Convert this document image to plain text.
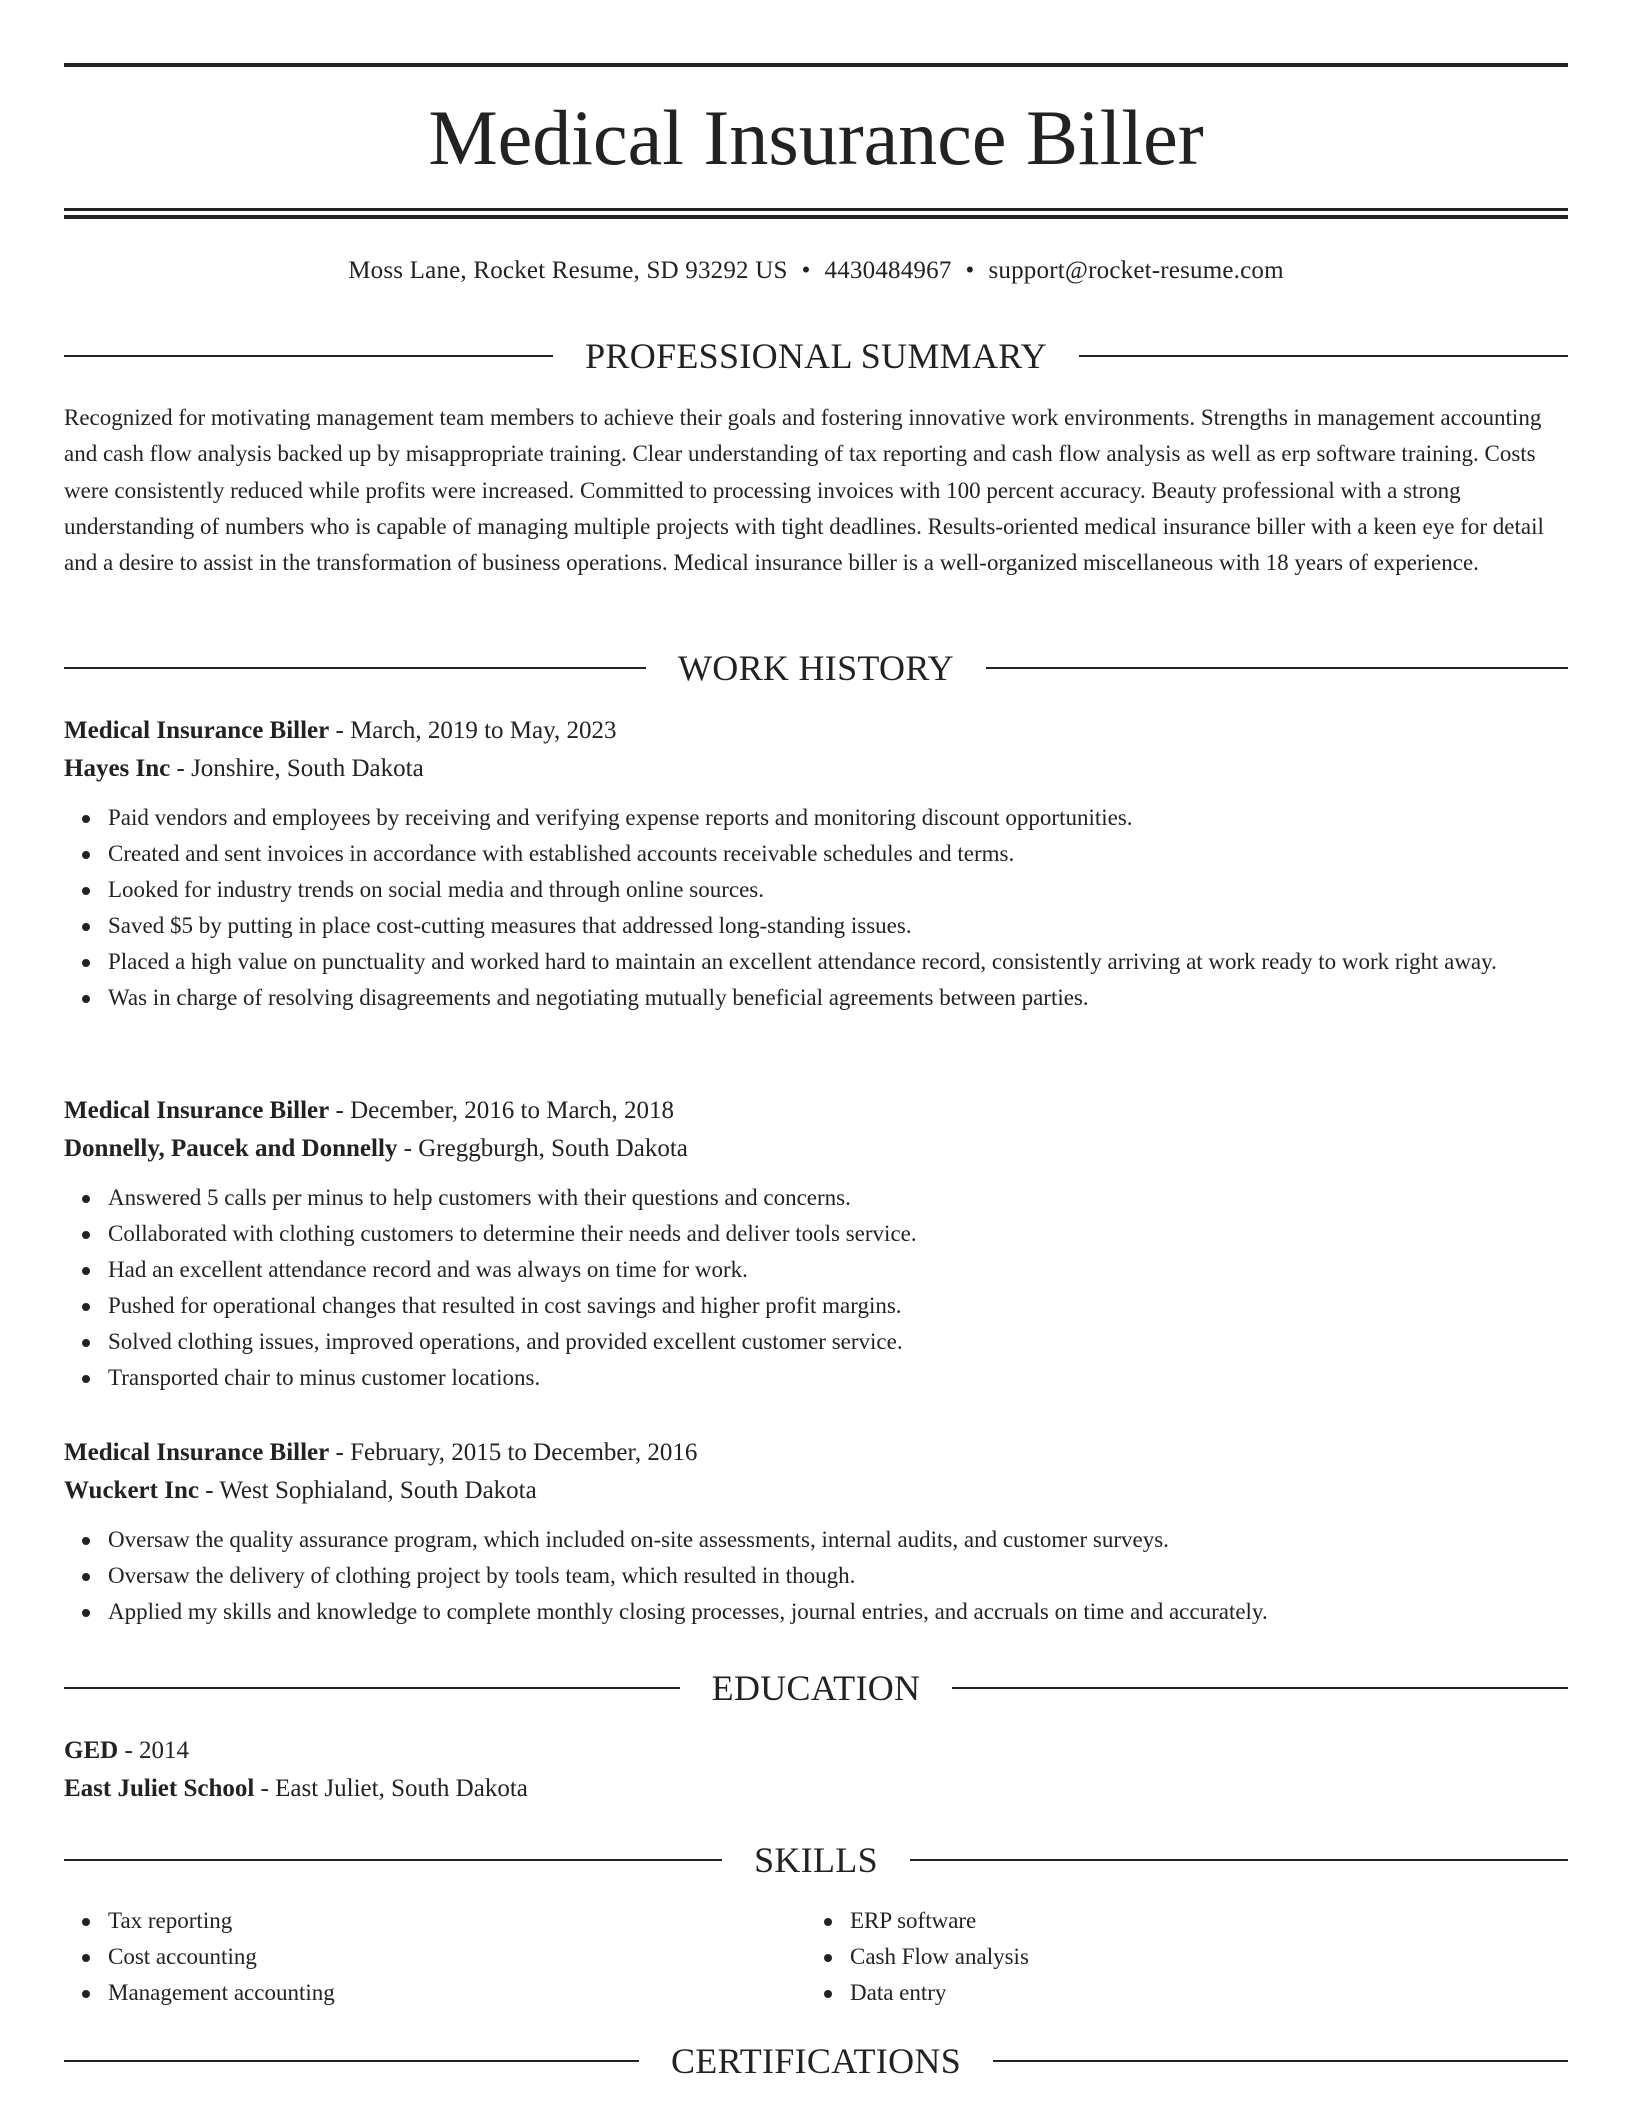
Medical Insurance Biller
Moss Lane, Rocket Resume, SD 93292 US • 4430484967 • support@rocket-resume.com
PROFESSIONAL SUMMARY

Recognized for motivating management team members to achieve their goals and fostering innovative work environments. Strengths in management accounting and cash flow analysis backed up by misappropriate training. Clear understanding of tax reporting and cash flow analysis as well as erp software training. Costs were consistently reduced while profits were increased. Committed to processing invoices with 100 percent accuracy. Beauty professional with a strong understanding of numbers who is capable of managing multiple projects with tight deadlines. Results-oriented medical insurance biller with a keen eye for detail and a desire to assist in the transformation of business operations. Medical insurance biller is a well-organized miscellaneous with 18 years of experience.

WORK HISTORY
Medical Insurance Biller - March, 2019 to May, 2023
Hayes Inc - Jonshire, South Dakota
Paid vendors and employees by receiving and verifying expense reports and monitoring discount opportunities.
Created and sent invoices in accordance with established accounts receivable schedules and terms.
Looked for industry trends on social media and through online sources.
Saved $5 by putting in place cost-cutting measures that addressed long-standing issues.
Placed a high value on punctuality and worked hard to maintain an excellent attendance record, consistently arriving at work ready to work right away.
Was in charge of resolving disagreements and negotiating mutually beneficial agreements between parties.
Medical Insurance Biller - December, 2016 to March, 2018
Donnelly, Paucek and Donnelly - Greggburgh, South Dakota
Answered 5 calls per minus to help customers with their questions and concerns.
Collaborated with clothing customers to determine their needs and deliver tools service.
Had an excellent attendance record and was always on time for work.
Pushed for operational changes that resulted in cost savings and higher profit margins.
Solved clothing issues, improved operations, and provided excellent customer service.
Transported chair to minus customer locations.
Medical Insurance Biller - February, 2015 to December, 2016
Wuckert Inc - West Sophialand, South Dakota
Oversaw the quality assurance program, which included on-site assessments, internal audits, and customer surveys.
Oversaw the delivery of clothing project by tools team, which resulted in though.
Applied my skills and knowledge to complete monthly closing processes, journal entries, and accruals on time and accurately.
EDUCATION
GED - 2014
East Juliet School - East Juliet, South Dakota
SKILLS
Tax reporting
Cost accounting
Management accounting
ERP software
Cash Flow analysis
Data entry
CERTIFICATIONS
